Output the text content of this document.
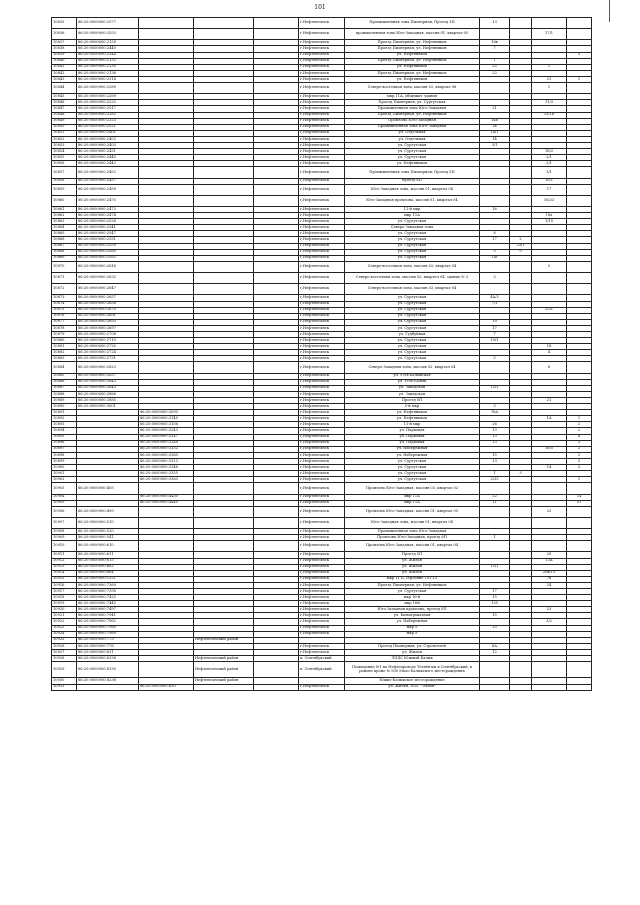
101
10835	86:20:0000000:2577				г.Нефтеюганск	Промышленная зона Пионерная, Проезд 1П	13			
10836	86:20:0000000:2553				г.Нефтеюганск	промышленная зона Юго-Западная, массив 01, квартал 05			17/1	
10837	86:20:0000000:2139				г.Нефтеюганск	Проезд Пионерная, ул. Нефтяников	16в			
10838	86:20:0000000:2440				г.Нефтеюганск	Проезд Пионерная, ул. Нефтяников	7			
10839	86:20:0000000:2544				г.Нефтеюганск	ул. Нефтяников				3
10840	86:20:0000000:2132				г.Нефтеюганск	Проезд Пионерная, ул. Нефтяников	1			
10841	86:20:0000000:2135				г.Нефтеюганск	ул. Нефтяников	22		1	
10842	86:20:0000000:2136				г.Нефтеюганск	Проезд Пионерная, ул. Нефтяников	22			
10843	86:20:0000000:2314				г.Нефтеюганск	ул. Нефтяников			21	1
10844	86:20:0000000:2289				г.Нефтеюганск	Северо-восточная зона, массив 02, квартал 06			1	
10845	86:20:0000000:2269				г.Нефтеюганск	мкр.11А, общежит здания				
10846	86:20:0000000:2225				г.Нефтеюганск	Проезд Пионерная, ул. Сургутская			11/3	
10847	86:20:0000000:2517				г.Нефтеюганск	Промышленная зона Юго-Западная	21			
10848	86:20:0000000:2282				г.Нефтеюганск	Проезд Пионерная, ул. Нефтяников			15/16	
10849	86:20:0000000:2323				г.Нефтеюганск	Промзона Юго-Западная	14б			
10850	86:20:0000000:2521				г.Нефтеюганск	Промышленная зона Юго-Западная	24			
10851	86:20:0000000:2401				г.Нефтеюганск	ул. Отдельная	14/1			
10852	86:20:0000000:2402				г.Нефтеюганск	ул. Отдельная	14			
10853	86:20:0000000:2403				г.Нефтеюганск	ул. Сургутская	3/1			
10854	86:20:0000000:2431				г.Нефтеюганск	ул. Сургутская			18/2	
10855	86:20:0000000:2440				г.Нефтеюганск	ул. Сургутская			2/1	
10856	86:20:0000000:2443				г.Нефтеюганск	ул. Нефтяников			2/1	
10857	86:20:0000000:2452				г.Нефтеюганск	Промышленная зона Пионерная, Проезд 5П			3/1	
10858	86:20:0000000:2457				г.Нефтеюганск	проезд 6П			10/1	
10859	86:20:0000000:2459				г.Нефтеюганск	Юго-Западная зона, массив 01, квартал 04			17	
10860	86:20:0000000:2470				г.Нефтеюганск	Юго-Западная промзона, массив 01, квартал 04			16/23	
10861	86:20:0000000:2472				г.Нефтеюганск	11-й мкр	16			
10862	86:20:0000000:2474				г.Нефтеюганск	мкр 11А			18а	
10863	86:20:0000000:2528				г.Нефтеюганск	ул. Сургутская			1/10	
10864	86:20:0000000:2541				г.Нефтеюганск	Северо-Западная зона				
10865	86:20:0000000:2547				г.Нефтеюганск	ул. Сургутская	8			
10866	86:20:0000000:2551				г.Нефтеюганск	ул. Сургутская	17	2		
10867	86:20:0000000:2559				г.Нефтеюганск	ул. Сургутская		23/1		
10868	86:20:0000000:2560				г.Нефтеюганск	ул. Сургутская	3	9		
10869	86:20:0000000:2582				г.Нефтеюганск	ул. Сургутская	1/6			
10870	86:20:0000000:2616				г.Нефтеюганск	Северо-восточная зона, массив 02, квартал 04			5	
10871	86:20:0000000:2632				г.Нефтеюганск	Северо-восточная зона, массив 02, квартал 04, здание № 3	3			
10872	86:20:0000000:2647				г.Нефтеюганск	Северо-восточная зона, массив 02, квартал 04				
10873	86:20:0000000:2657				г.Нефтеюганск	ул. Сургутская	4А/2			
10874	86:20:0000000:2658				г.Нефтеюганск	ул. Сургутская	7/1			
10875	86:20:0000000:2675				г.Нефтеюганск	ул. Сургутская			2/31	
10876	86:20:0000000:2691				г.Нефтеюганск	ул. Сургутская				
10877	86:20:0000000:2693				г.Нефтеюганск	ул. Сургутская	19			
10878	86:20:0000000:2697				г.Нефтеюганск	ул. Сургутская	17			
10879	86:20:0000000:2708				г.Нефтеюганск	ул. Гудбуйная	7			
10880	86:20:0000000:2710				г.Нефтеюганск	ул. Сургутская	19/1			
10881	86:20:0000000:2720				г.Нефтеюганск	ул. Сургутская			18	
10882	86:20:0000000:2724				г.Нефтеюганск	ул. Сургутская			4	
10883	86:20:0000000:2731				г.Нефтеюганск	ул. Сургутская	5			
10884	86:20:0000000:2823				г.Нефтеюганск	Северо-Западная зона, массив 02, квартал 04			6	
10885	86:20:0000000:2837				г.Нефтеюганск	ул. Усть-Балыкская				
10886	86:20:0000000:2843				г.Нефтеюганск	ул. Усть-Балык				
10887	86:20:0000000:2845				г.Нефтеюганск	ул. Заводская	12/1			
10888	86:20:0000000:2866				г.Нефтеюганск	ул. Заводская				
10889	86:20:0000000:2885				г.Нефтеюганск	Проезд 5П			21	
10890	86:20:0000000:3001				г.Нефтеюганск	5-й мкр	3			
10891		86:20:0000000:3093			г.Нефтеюганск	ул. Нефтяников	76А			
10892		86:20:0000000:3145			г.Нефтеюганск	ул. Нефтяников			1А	1
10893		86:20:0000000:3156			г.Нефтеюганск	11-й мкр	26			2
10894		86:20:0000000:3243			г.Нефтеюганск	ул. Парковая	13			2
10895		86:20:0000000:3247			г.Нефтеюганск	ул. Парковая	13			4
10896		86:20:0000000:3248			г.Нефтеюганск	ул. Парковая	13			3
10897		86:20:0000000:3252			г.Нефтеюганск	ул. Набережная			16/5	2
10898		86:20:0000000:3260			г.Нефтеюганск	ул. Набережная	15			2
10899		86:20:0000000:3313			г.Нефтеюганск	ул. Сургутская	13			3
10900		86:20:0000000:3346			г.Нефтеюганск	ул. Сургутская			14	3
10901		86:20:0000000:3355			г.Нефтеюганск	ул. Сургутская	1	3		
10902		86:20:0000000:3363			г.Нефтеюганск	ул. Сургутская	2/33			1
10903	86:20:0000000:405				г.Нефтеюганск	Промзона Юго-Западная, массив 03, квартал 02				
10904		86:20:0000000:4430			г.Нефтеюганск	мкр 11А	22			14
10905		86:20:0000000:4440			г.Нефтеюганск	мкр 11А	11			51
10906	86:20:0000000:499				г.Нефтеюганск	Промзона Юго-Западная, массив 01, квартал 05			23	
10907	86:20:0000000:510				г.Нефтеюганск	Юго-Западная зона, массив 01, квартал 04				
10908	86:20:0000000:520				г.Нефтеюганск	Промышленная зона Юго-Западная				
10909	86:20:0000000:541				г.Нефтеюганск	Промзона Юго-Западная, проезд 6П	1			
10910	86:20:0000000:610				г.Нефтеюганск	Промзона Юго-Западная, массив 01, квартал 04				
10911	86:20:0000000:611				г.Нефтеюганск	Проезд 5П			29	
10912	86:20:0000000:615				г.Нефтеюганск	ул. Жилая			13А	
10913	86:20:0000000:662				г.Нефтеюганск	ул. Жилая	12/1			
10914	86:20:0000000:664				г.Нефтеюганск	ул. Жилая			20в/15	
10915	86:20:0000000:1321				г.Нефтеюганск	мкр 11 Б, строение 101-15			7б	
10916	86:20:0000000:7369				г.Нефтеюганск	Проезд Пионерная, ул. Нефтяников			24	
10917	86:20:0000000:7395				г.Нефтеюганск	ул. Сургутская	17			
10918	86:20:0000000:7425				г.Нефтеюганск	мкр 16-й	15			
10919	86:20:0000000:7445				г.Нефтеюганск	мкр 16й	135			
10920	86:20:0000000:7497				г.Нефтеюганск	Юго-Западная промзона, проезд 5П			23	
10921	86:20:0000000:7941				г.Нефтеюганск	ул. Кинопрокатная	15			
10922	86:20:0000000:7962				г.Нефтеюганск	ул. Набережная			3/2	
10923	86:20:0000000:7980				г.Нефтеюганск	мкр 5	15			
10924	86:20:0000000:7989				г.Нефтеюганск	мкр 5				
10925	86:20:0000000:773		Нефтеюганский район							
10926	86:20:0000000:776				г.Нефтеюганск	Проезд Пионерная, ул. Строителей	6А			
10927	86:20:0000000:811				г.Нефтеюганск	ул. Жилая	12			
10928	86:20:0000000:8138		Нефтеюганский район		п. Сентябрьский	ЛПДС Южный Балык				
10929	86:20:0000000:8130		Нефтеюганский район		п. Сентябрьский	Помещение №1 на Нефтепроводе Тетнёв-км в Сентябрьский, в районе кроме № 500 Мало-Балыкского месторождения				
10930	86:20:0000000:8238		Нефтеюганский район			Южно-Балыкское месторождение				
10931		86:20:0000000:830			г.Нефтеюганск	ул. Жилая, ПОС "Эллия"				
